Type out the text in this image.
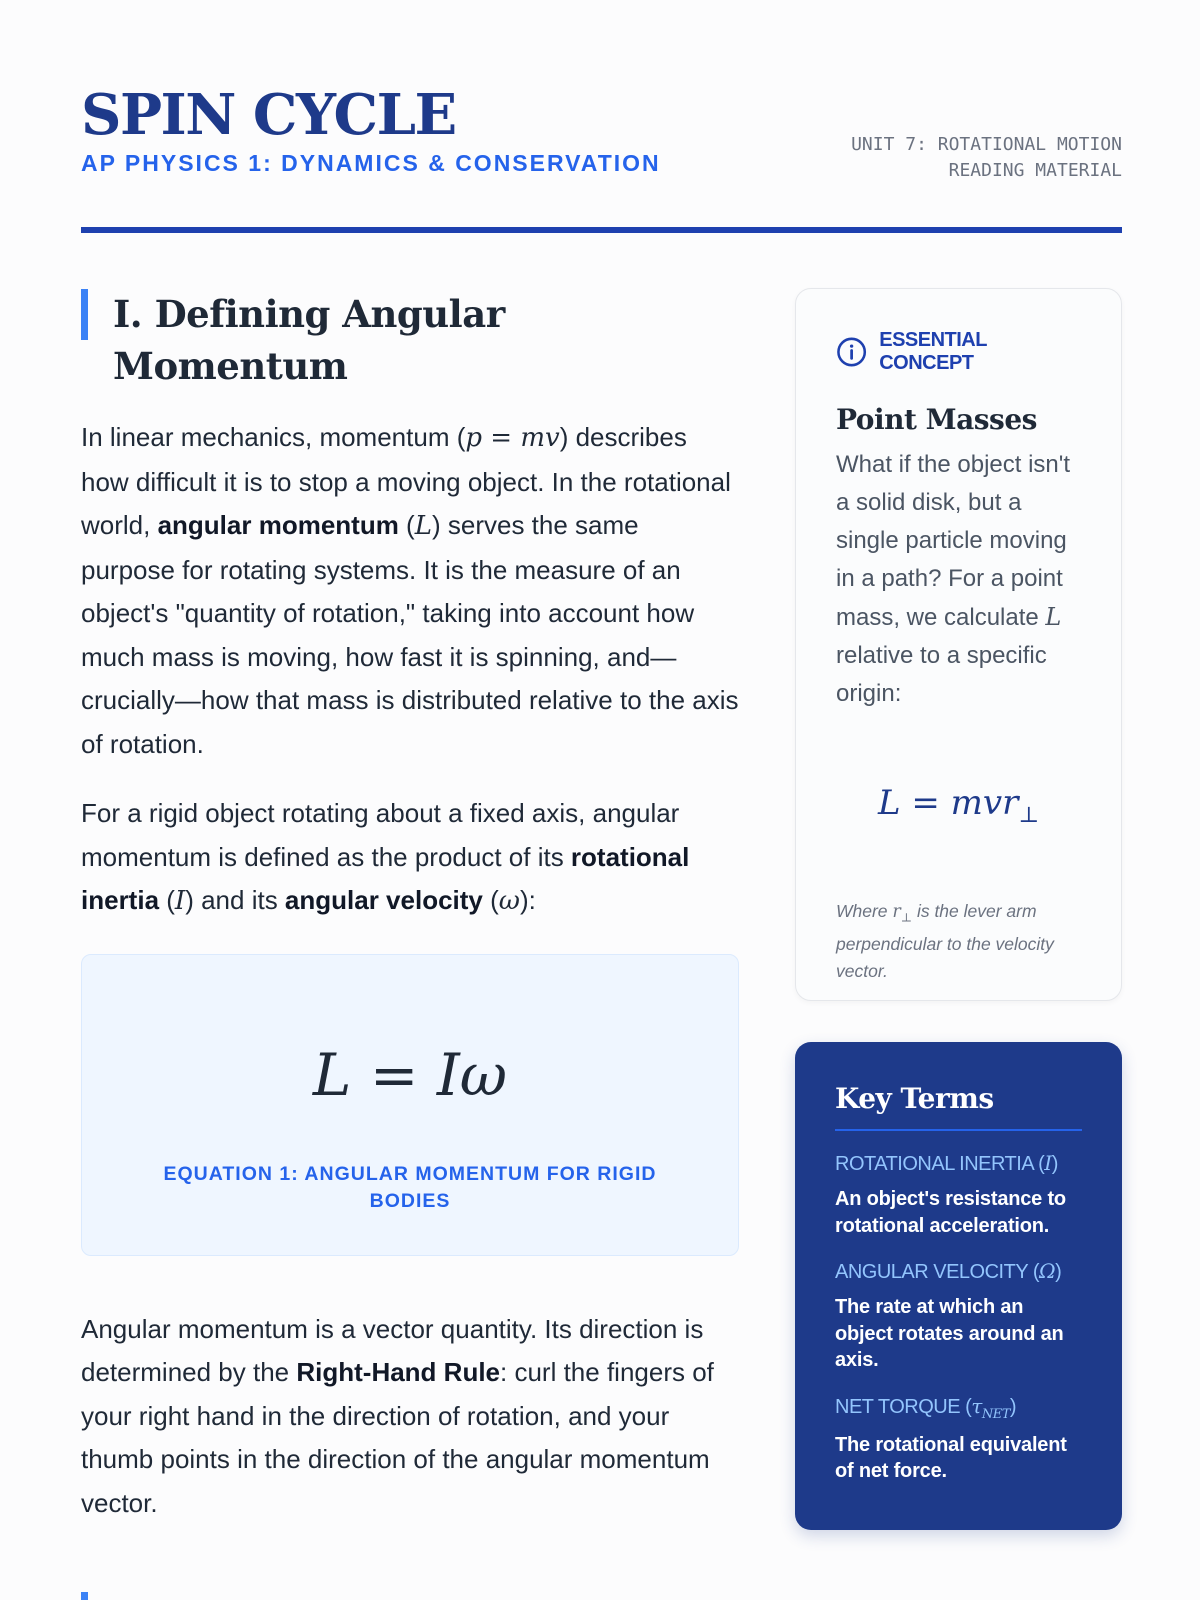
SPIN CYCLE
AP PHYSICS 1: DYNAMICS & CONSERVATION
UNIT 7: ROTATIONAL MOTION
READING MATERIAL
I. Defining Angular Momentum

In linear mechanics, momentum (p = mv) describes how difficult it is to stop a moving object. In the rotational world, angular momentum (L) serves the same purpose for rotating systems. It is the measure of an object's "quantity of rotation," taking into account how much mass is moving, how fast it is spinning, and—crucially—how that mass is distributed relative to the axis of rotation.

For a rigid object rotating about a fixed axis, angular momentum is defined as the product of its rotational inertia (I) and its angular velocity (ω):

L = Iω
EQUATION 1: ANGULAR MOMENTUM FOR RIGID BODIES

Angular momentum is a vector quantity. Its direction is determined by the Right-Hand Rule: curl the fingers of your right hand in the direction of rotation, and your thumb points in the direction of the angular momentum vector.

ESSENTIAL CONCEPT
Point Masses

What if the object isn't a solid disk, but a single particle moving in a path? For a point mass, we calculate L relative to a specific origin:

L = mvr$_\perp$
Where $r_\perp$ is the lever arm perpendicular to the velocity vector.
Key Terms
ROTATIONAL INERTIA (I)
An object's resistance to rotational acceleration.
ANGULAR VELOCITY (Ω)
The rate at which an object rotates around an axis.
NET TORQUE $(\tau_{NET})$
The rotational equivalent of net force.
